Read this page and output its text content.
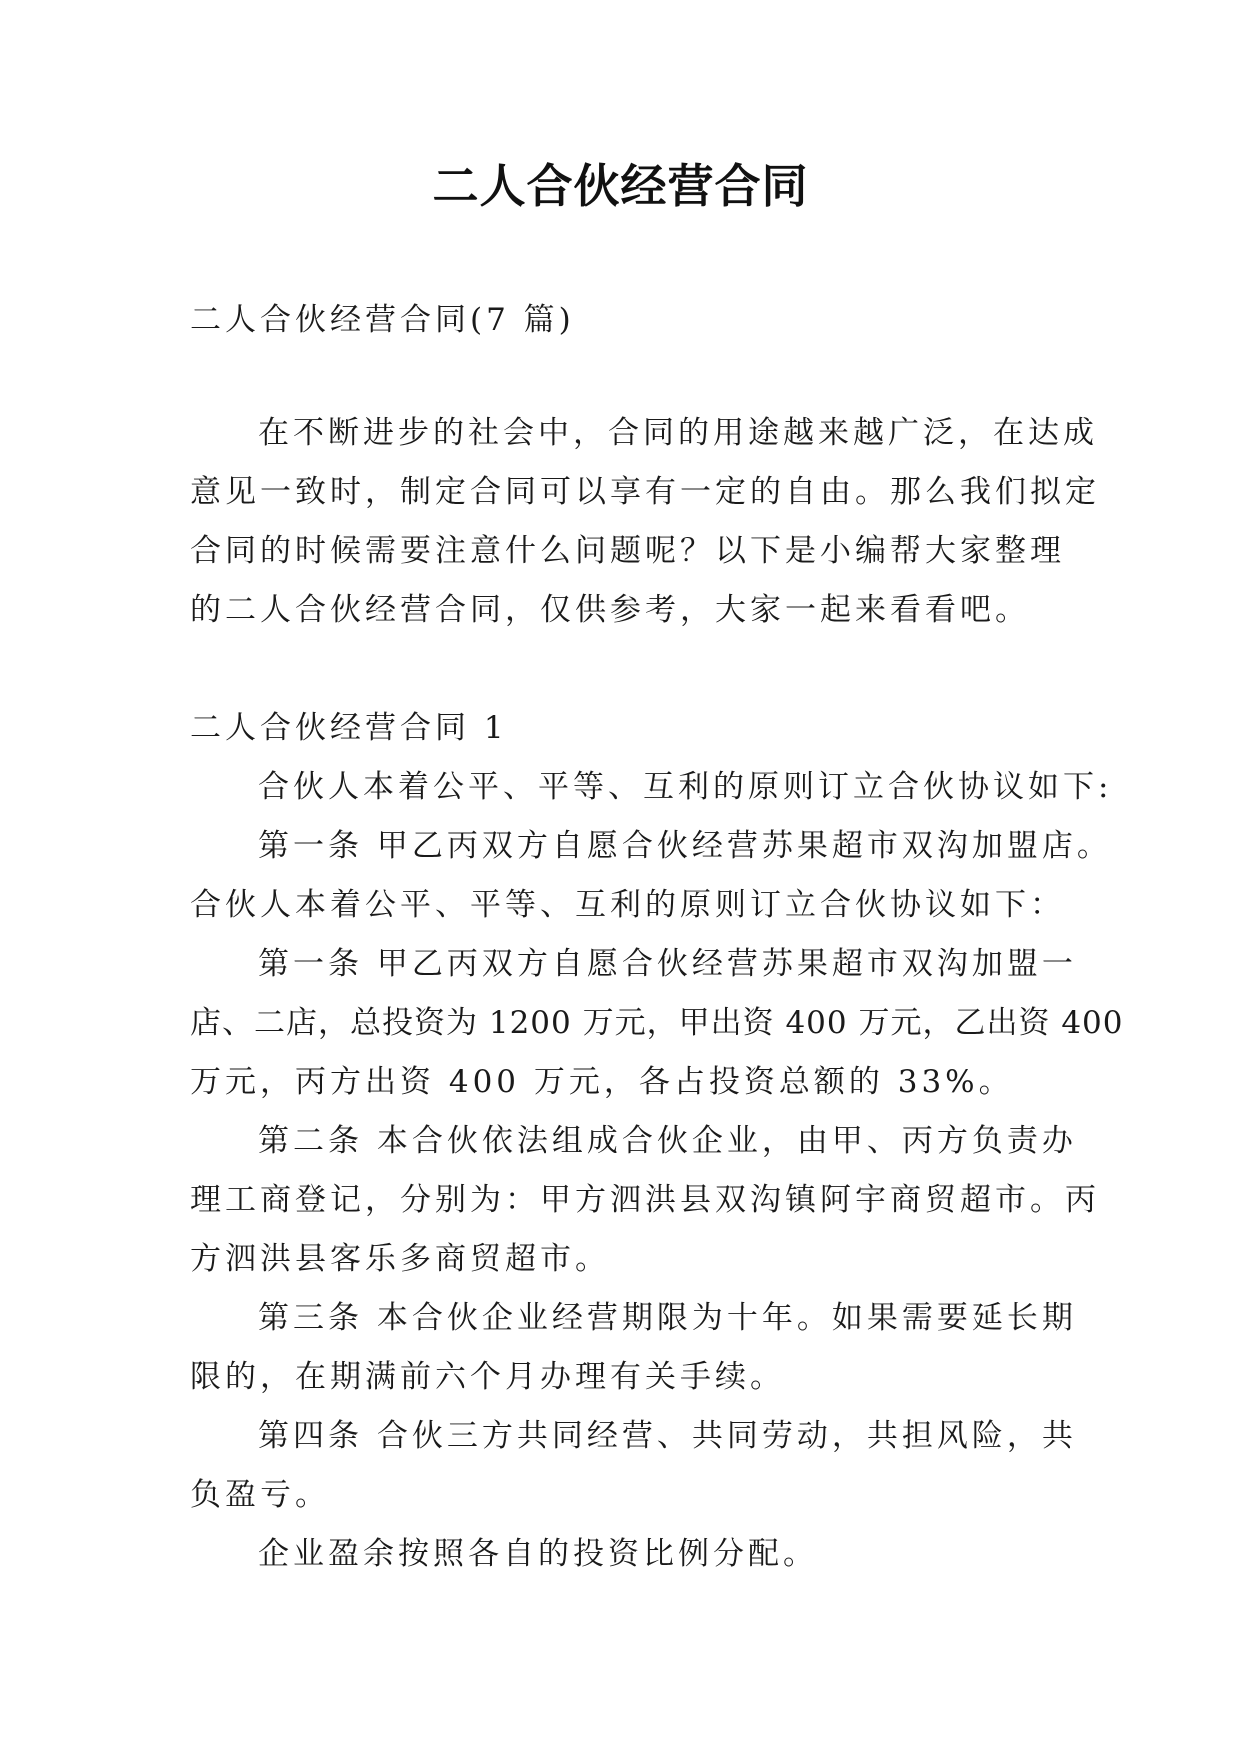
二人合伙经营合同
二人合伙经营合同(7 篇)
在不断进步的社会中，合同的用途越来越广泛，在达成
意见一致时，制定合同可以享有一定的自由。那么我们拟定
合同的时候需要注意什么问题呢？以下是小编帮大家整理
的二人合伙经营合同，仅供参考，大家一起来看看吧。
二人合伙经营合同 1
合伙人本着公平、平等、互利的原则订立合伙协议如下:
第一条 甲乙丙双方自愿合伙经营苏果超市双沟加盟店。
合伙人本着公平、平等、互利的原则订立合伙协议如下：
第一条 甲乙丙双方自愿合伙经营苏果超市双沟加盟一
店、二店，总投资为 1200 万元，甲出资 400 万元，乙出资 400
万元，丙方出资 400 万元，各占投资总额的 33%。
第二条 本合伙依法组成合伙企业，由甲、丙方负责办
理工商登记，分别为：甲方泗洪县双沟镇阿宇商贸超市。丙
方泗洪县客乐多商贸超市。
第三条 本合伙企业经营期限为十年。如果需要延长期
限的，在期满前六个月办理有关手续。
第四条 合伙三方共同经营、共同劳动，共担风险，共
负盈亏。
企业盈余按照各自的投资比例分配。
